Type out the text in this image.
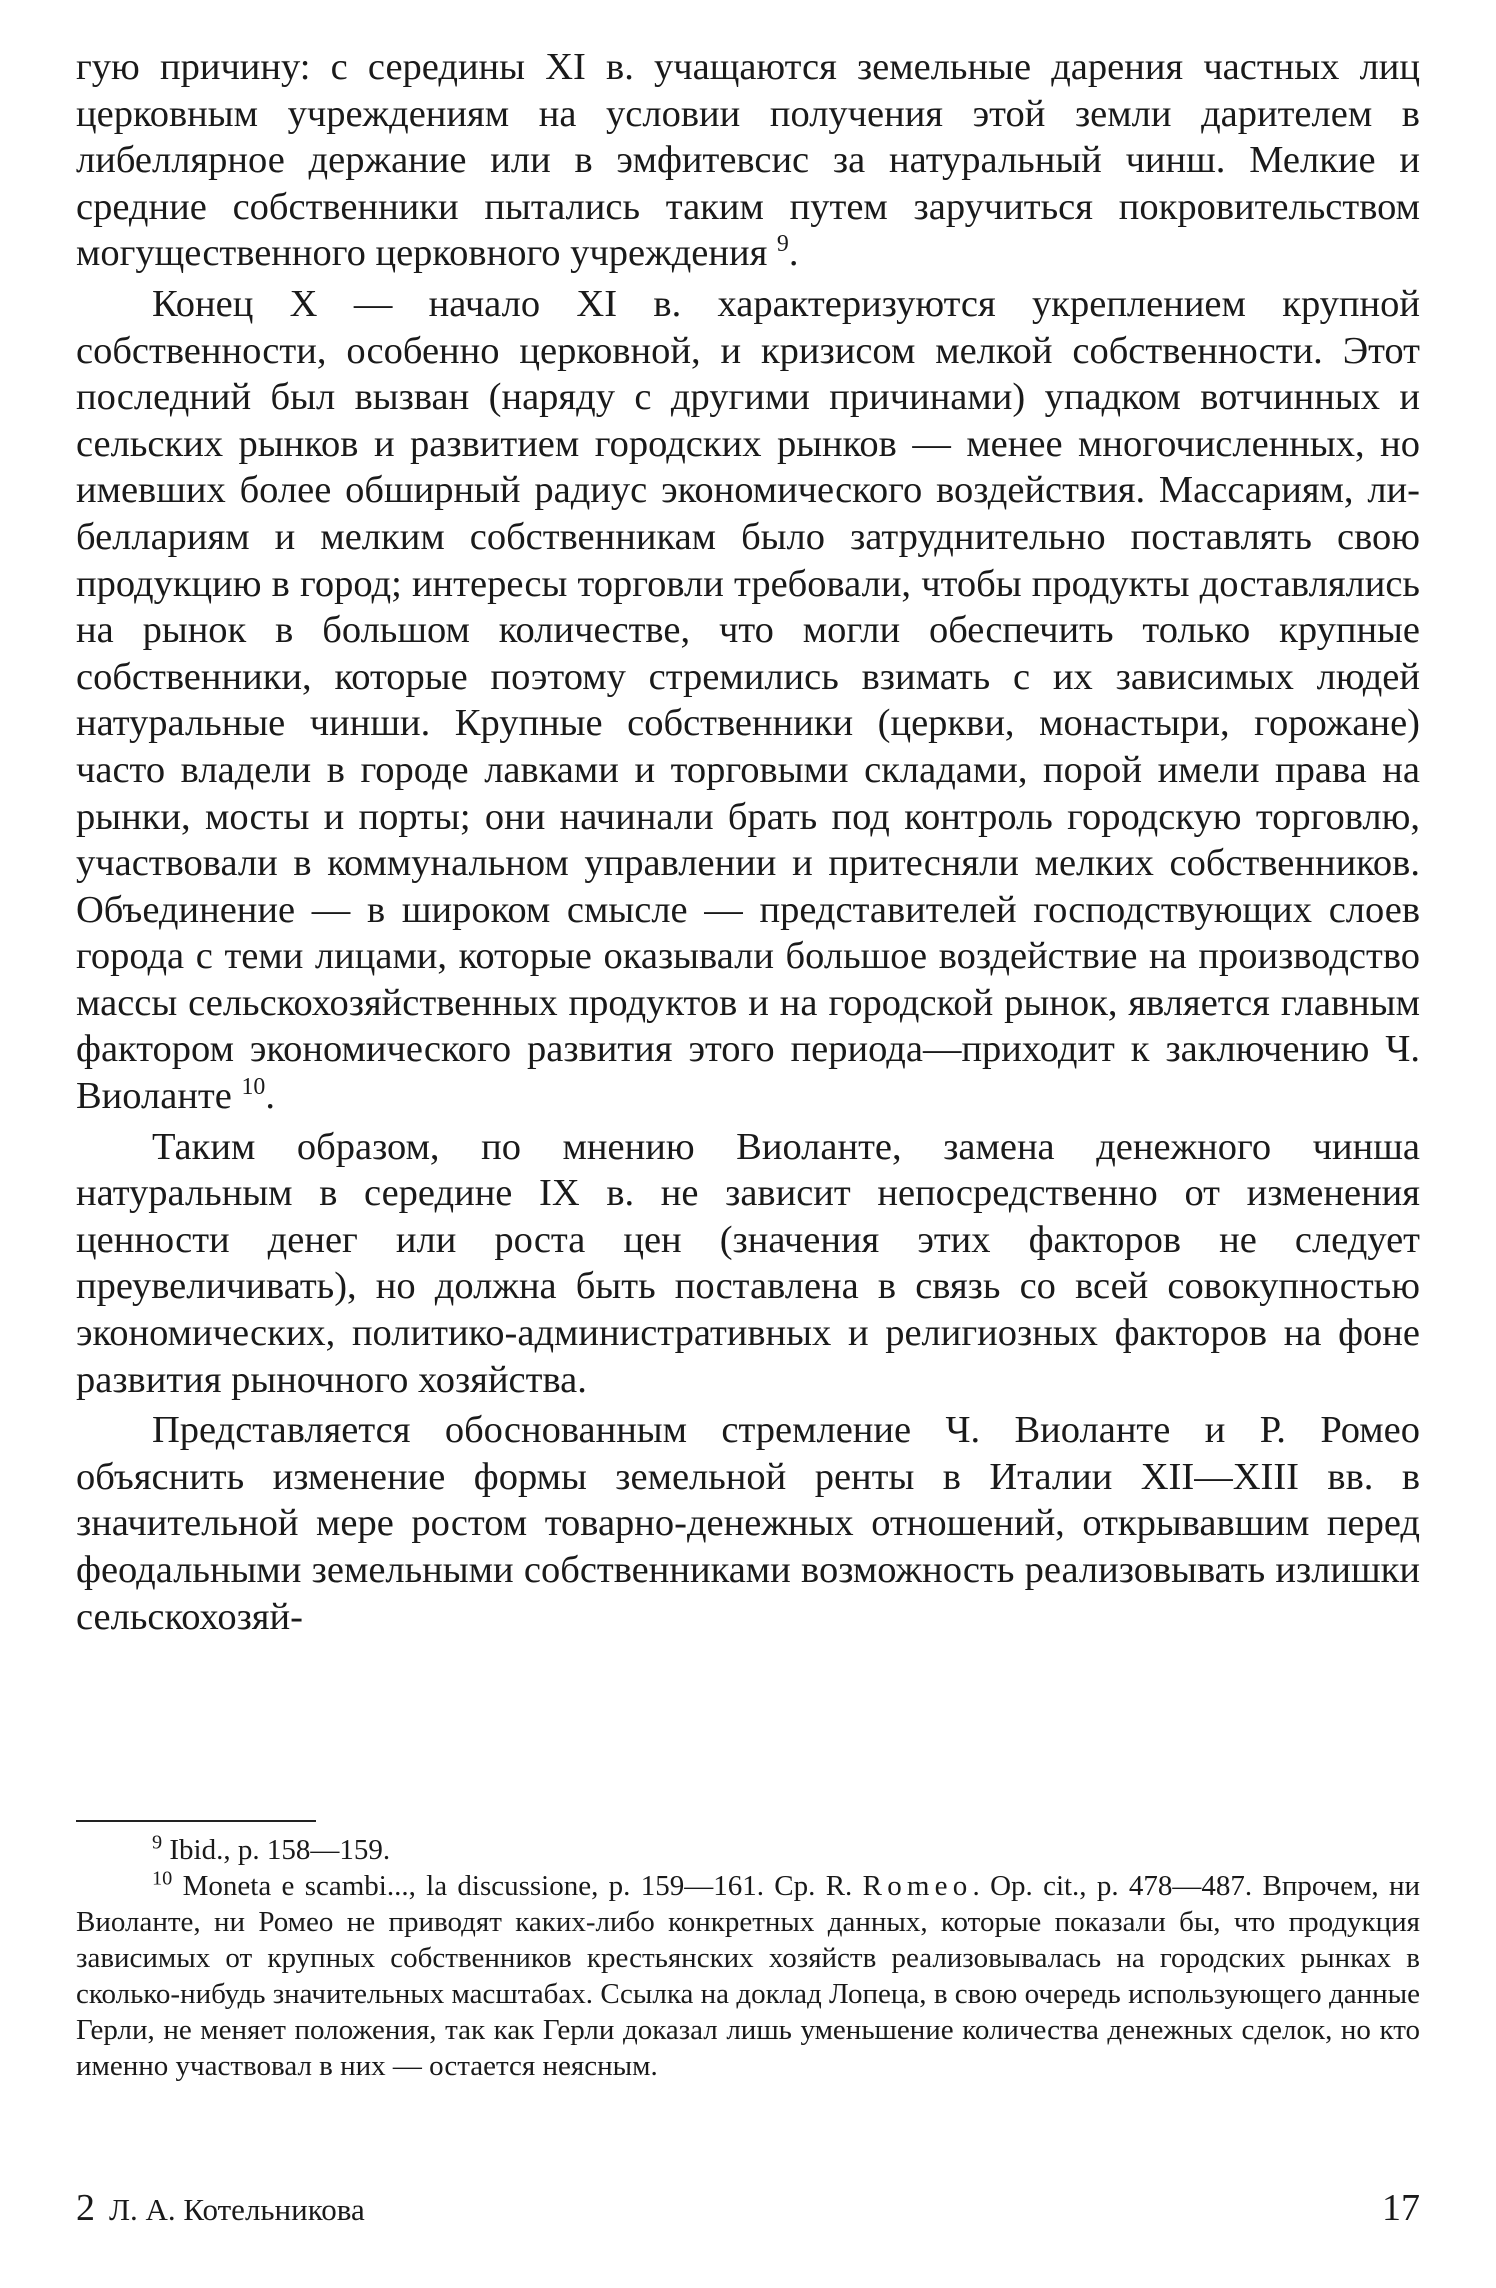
гую причину: с середины XI в. учащаются земельные дарения частных лиц церковным учреждениям на условии получения этой земли дарителем в либеллярное держание или в эмфитевсис за натуральный чинш. Мелкие и средние собственники пытались таким путем заручиться покровительством могущественного церковного учреждения $^9$.

Конец X — начало XI в. характеризуются укреплением крупной собственности, особенно церковной, и кризисом мелкой собственности. Этот последний был вызван (наряду с другими причинами) упадком вотчинных и сельских рынков и развитием городских рынков — менее многочисленных, но имевших более обширный радиус экономического воздействия. Массариям, либеллариям и мелким собственникам было затруднительно поставлять свою продукцию в город; интересы торговли требовали, чтобы продукты доставлялись на рынок в большом количестве, что могли обеспечить только крупные собственники, которые поэтому стремились взимать с их зависимых людей натуральные чинши. Крупные собственники (церкви, монастыри, горожане) часто владели в городе лавками и торговыми складами, порой имели права на рынки, мосты и порты; они начинали брать под контроль городскую торговлю, участвовали в коммунальном управлении и притесняли мелких собственников. Объединение — в широком смысле — представителей господствующих слоев города с теми лицами, которые оказывали большое воздействие на производство массы сельскохозяйственных продуктов и на городской рынок, является главным фактором экономического развития этого периода—приходит к заключению Ч. Виоланте $^{10}$.

Таким образом, по мнению Виоланте, замена денежного чинша натуральным в середине IX в. не зависит непосредственно от изменения ценности денег или роста цен (значения этих факторов не следует преувеличивать), но должна быть поставлена в связь со всей совокупностью экономических, политико-административных и религиозных факторов на фоне развития рыночного хозяйства.

Представляется обоснованным стремление Ч. Виоланте и Р. Ромео объяснить изменение формы земельной ренты в Италии XII—XIII вв. в значительной мере ростом товарно-денежных отношений, открывавшим перед феодальными земельными собственниками возможность реализовывать излишки сельскохозяй-

$^9$ Ibid., p. 158—159.

$^{10}$ Moneta e scambi..., la discussione, p. 159—161. Cp. R. Romeo. Op. cit., p. 478—487. Впрочем, ни Виоланте, ни Ромео не приводят каких-либо конкретных данных, которые показали бы, что продукция зависимых от крупных собственников крестьянских хозяйств реализовывалась на городских рынках в сколько-нибудь значительных масштабах. Ссылка на доклад Лопеца, в свою очередь использующего данные Герли, не меняет положения, так как Герли доказал лишь уменьшение количества денежных сделок, но кто именно участвовал в них — остается неясным.

2 Л. А. Котельникова	17
